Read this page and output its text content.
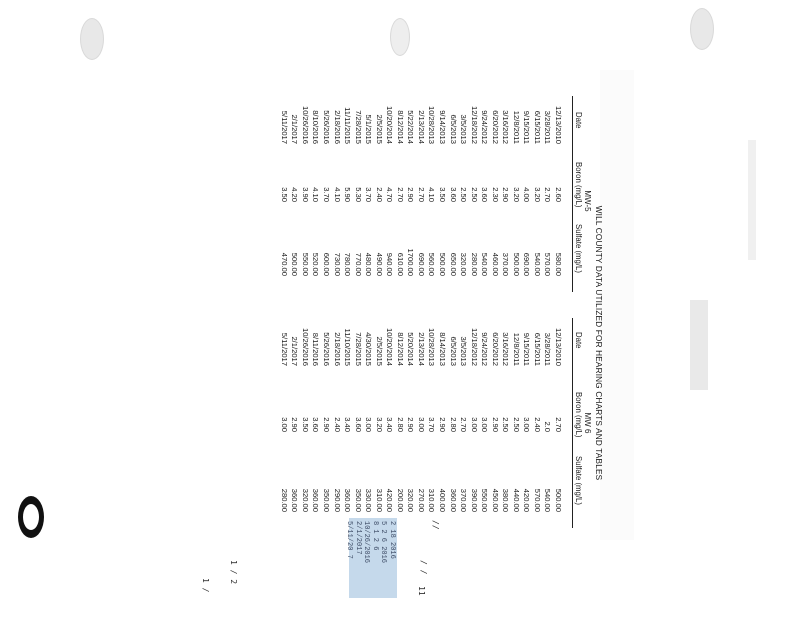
WILL COUNTY DATA UTILIZED FOR HEARING CHARTS AND TABLES
MW-5
MW 6
Date
Boron (mg/L)
Sulfate (mg/L)
Date
Boron (mg/L)
Sulfate (mg/L)
12/13/2010
3/28/2011
6/15/2011
9/15/2011
12/8/2011
3/16/2012
6/20/2012
9/24/2012
12/18/2012
3/5/2013
6/5/2013
9/14/2013
10/28/2013
2/13/2014
5/22/2014
8/12/2014
10/20/2014
2/5/2015
5/1/2015
7/28/2015
11/11/2015
2/18/2016
5/26/2016
8/10/2016
10/26/2016
2/1/2017
5/11/2017
2.60
2.70
3.20
4.00
3.20
2.90
2.30
3.60
2.50
2.50
3.60
3.50
4.10
2.70
2.90
2.70
4.70
2.40
3.70
5.30
5.90
4.10
3.70
4.10
3.90
4.20
3.50
580.00
570.00
540.00
690.00
500.00
370.00
460.00
540.00
280.00
320.00
650.00
500.00
560.00
690.00
1700.00
610.00
940.00
490.00
480.00
770.00
780.00
730.00
600.00
520.00
550.00
500.00
470.00
12/13/2010
3/28/2011
6/15/2011
9/15/2011
12/8/2011
3/16/2012
6/20/2012
9/24/2012
12/18/2012
3/5/2013
6/5/2013
8/14/2013
10/28/2013
2/13/2014
5/20/2014
8/12/2014
10/20/2014
2/5/2015
4/30/2015
7/28/2015
11/10/2015
2/18/2016
5/26/2016
8/11/2016
10/26/2016
2/1/2017
5/11/2017
2.70
2.0
2.40
3.00
2.50
2.50
2.90
3.00
3.00
2.70
2.80
2.90
3.70
3.00
2.90
2.80
3.40
3.20
3.00
3.60
3.40
2.40
2.90
3.60
3.50
2.90
3.00
500.00
540.00
570.00
420.00
440.00
380.00
450.00
550.00
390.00
370.00
360.00
400.00
310.00
270.00
320.00
200.00
420.00
310.00
330.00
350.00
360.00
290.00
350.00
360.00
320.00
360.00
280.00
2 18 2016
5 2 6 2016
8 1 2 6
10/26/2016
2/1/2017
5/11/20 7	//
/ /
11
1 / 2
1 /
